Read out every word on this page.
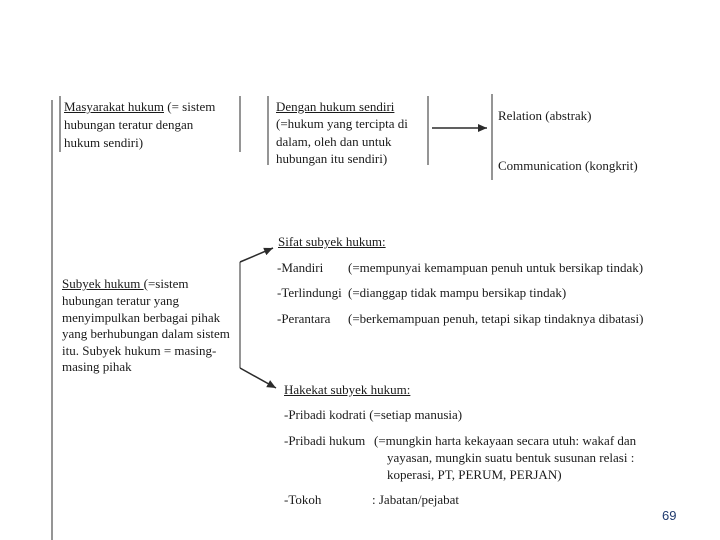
Masyarakat hukum (= sistem
hubungan teratur dengan
hukum sendiri)
Dengan hukum sendiri
(=hukum yang tercipta di
dalam, oleh dan untuk
hubungan itu sendiri)
Relation (abstrak)
Communication (kongkrit)
Subyek hukum (=sistem
hubungan teratur yang
menyimpulkan berbagai pihak
yang berhubungan dalam sistem
itu. Subyek hukum = masing-
masing pihak
Sifat subyek hukum:
-Mandiri (=mempunyai kemampuan penuh untuk bersikap tindak)
-Terlindungi (=dianggap tidak mampu bersikap tindak)
-Perantara (=berkemampuan penuh, tetapi sikap tindaknya dibatasi)
Hakekat subyek hukum:
-Pribadi kodrati (=setiap manusia)
-Pribadi hukum (=mungkin harta kekayaan secara utuh: wakaf dan
yayasan, mungkin suatu bentuk susunan relasi :
koperasi, PT, PERUM, PERJAN)
-Tokoh	: Jabatan/pejabat
69
